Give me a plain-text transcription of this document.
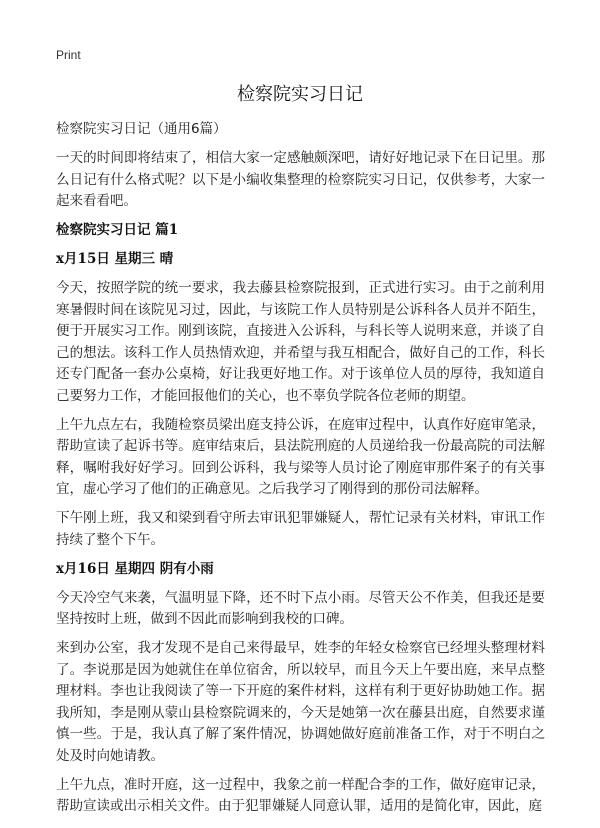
Print
检察院实习日记

检察院实习日记（通用6篇）

一天的时间即将结束了，相信大家一定感触颇深吧，请好好地记录下在日记里。那么日记有什么格式呢？以下是小编收集整理的检察院实习日记，仅供参考，大家一起来看看吧。

检察院实习日记 篇1
x月15日 星期三 晴

今天，按照学院的统一要求，我去藤县检察院报到，正式进行实习。由于之前利用寒暑假时间在该院见习过，因此，与该院工作人员特别是公诉科各人员并不陌生，便于开展实习工作。刚到该院，直接进入公诉科，与科长等人说明来意，并谈了自己的想法。该科工作人员热情欢迎，并希望与我互相配合，做好自己的工作，科长还专门配备一套办公桌椅，好让我更好地工作。对于该单位人员的厚待，我知道自己要努力工作，才能回报他们的关心，也不辜负学院各位老师的期望。

上午九点左右，我随检察员梁出庭支持公诉，在庭审过程中，认真作好庭审笔录，帮助宣读了起诉书等。庭审结束后，县法院刑庭的人员递给我一份最高院的司法解释，嘱咐我好好学习。回到公诉科，我与梁等人员讨论了刚庭审那件案子的有关事宜，虚心学习了他们的正确意见。之后我学习了刚得到的那份司法解释。

下午刚上班，我又和梁到看守所去审讯犯罪嫌疑人，帮忙记录有关材料，审讯工作持续了整个下午。

x月16日 星期四 阴有小雨

今天冷空气来袭，气温明显下降，还不时下点小雨。尽管天公不作美，但我还是要坚持按时上班，做到不因此而影响到我校的口碑。

来到办公室，我才发现不是自己来得最早，姓李的年轻女检察官已经埋头整理材料了。李说那是因为她就住在单位宿舍，所以较早，而且今天上午要出庭，来早点整理材料。李也让我阅读了等一下开庭的案件材料，这样有利于更好协助她工作。据我所知，李是刚从蒙山县检察院调来的，今天是她第一次在藤县出庭，自然要求谨慎一些。于是，我认真了解了案件情况，协调她做好庭前准备工作，对于不明白之处及时向她请教。

上午九点，准时开庭，这一过程中，我象之前一样配合李的工作，做好庭审记录，帮助宣读或出示相关文件。由于犯罪嫌疑人同意认罪，适用的是简化审，因此，庭
